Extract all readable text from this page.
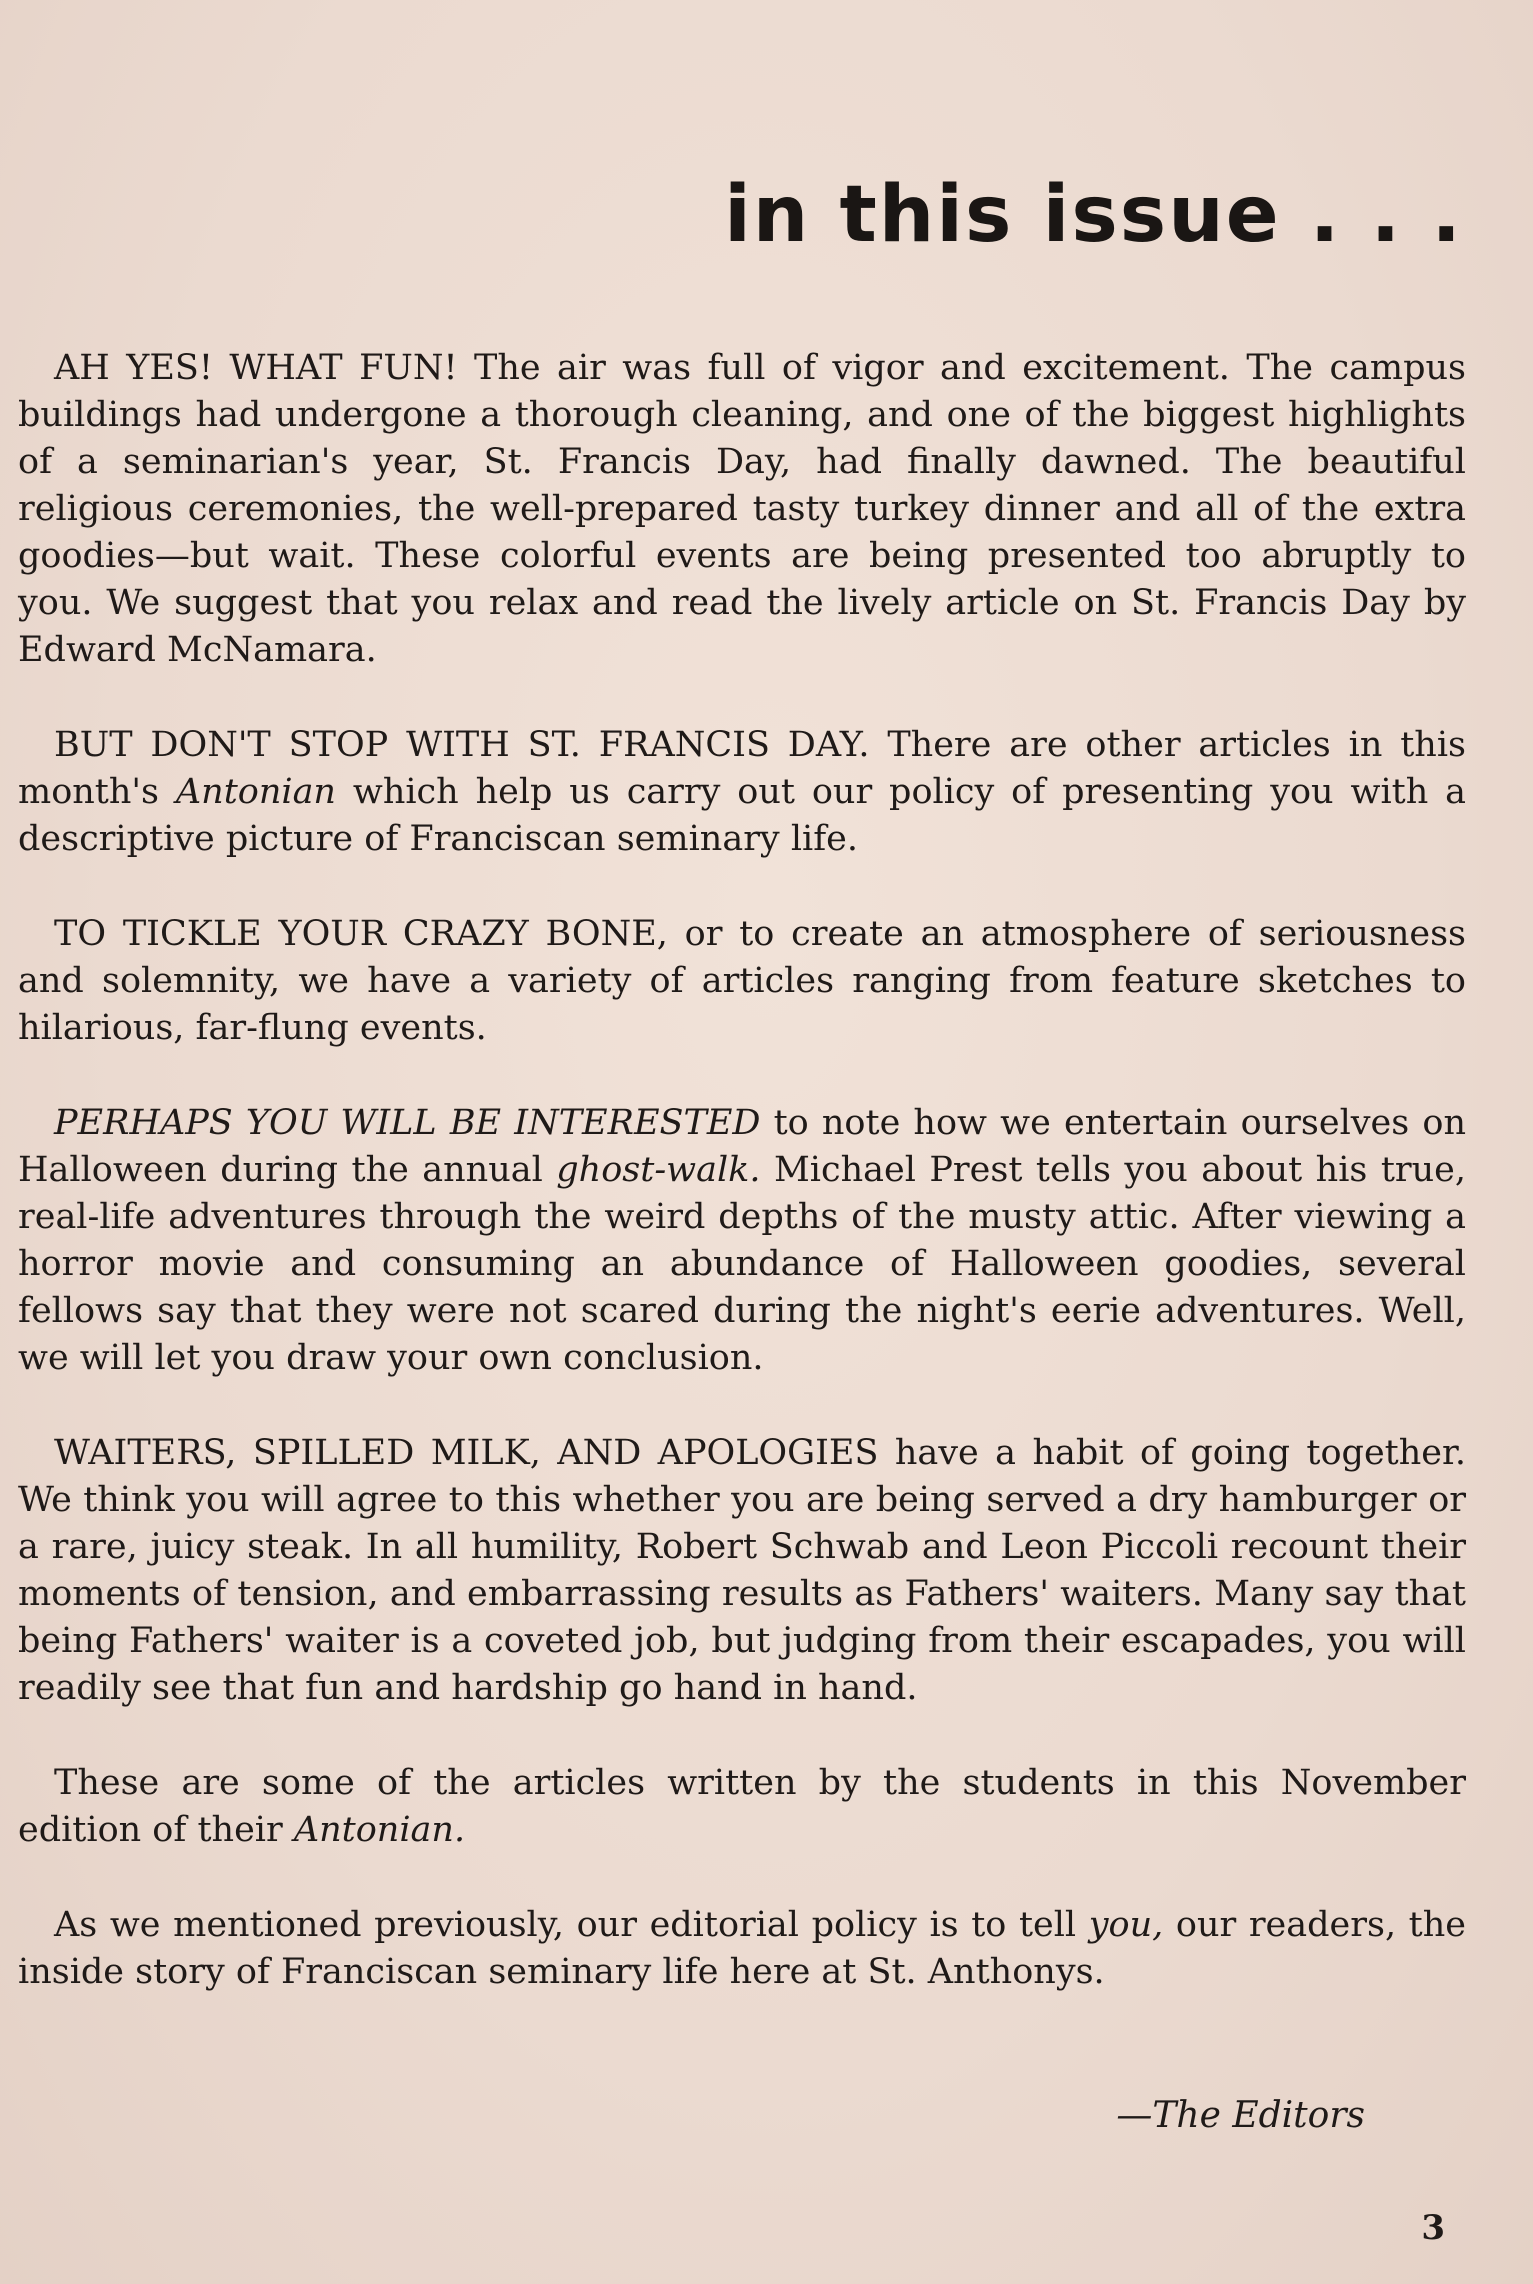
in this issue . . .

AH YES! WHAT FUN! The air was full of vigor and excitement. The campus buildings had undergone a thorough cleaning, and one of the biggest highlights of a seminarian's year, St. Francis Day, had finally dawned. The beautiful religious ceremonies, the well-prepared tasty turkey dinner and all of the extra goodies—but wait. These colorful events are being presented too abruptly to you. We suggest that you relax and read the lively article on St. Francis Day by Edward McNamara.

BUT DON'T STOP WITH ST. FRANCIS DAY. There are other articles in this month's Antonian which help us carry out our policy of presenting you with a descriptive picture of Franciscan seminary life.

TO TICKLE YOUR CRAZY BONE, or to create an atmosphere of seriousness and solemnity, we have a variety of articles ranging from feature sketches to hilarious, far-flung events.

PERHAPS YOU WILL BE INTERESTED to note how we entertain ourselves on Halloween during the annual ghost-walk. Michael Prest tells you about his true, real-life adventures through the weird depths of the musty attic. After viewing a horror movie and consuming an abundance of Halloween goodies, several fellows say that they were not scared during the night's eerie adventures. Well, we will let you draw your own conclusion.

WAITERS, SPILLED MILK, AND APOLOGIES have a habit of going together. We think you will agree to this whether you are being served a dry hamburger or a rare, juicy steak. In all humility, Robert Schwab and Leon Piccoli recount their moments of tension, and embarrassing results as Fathers' waiters. Many say that being Fathers' waiter is a coveted job, but judging from their escapades, you will readily see that fun and hardship go hand in hand.

These are some of the articles written by the students in this November edition of their Antonian.

As we mentioned previously, our editorial policy is to tell you, our readers, the inside story of Franciscan seminary life here at St. Anthonys.

—The Editors
3
